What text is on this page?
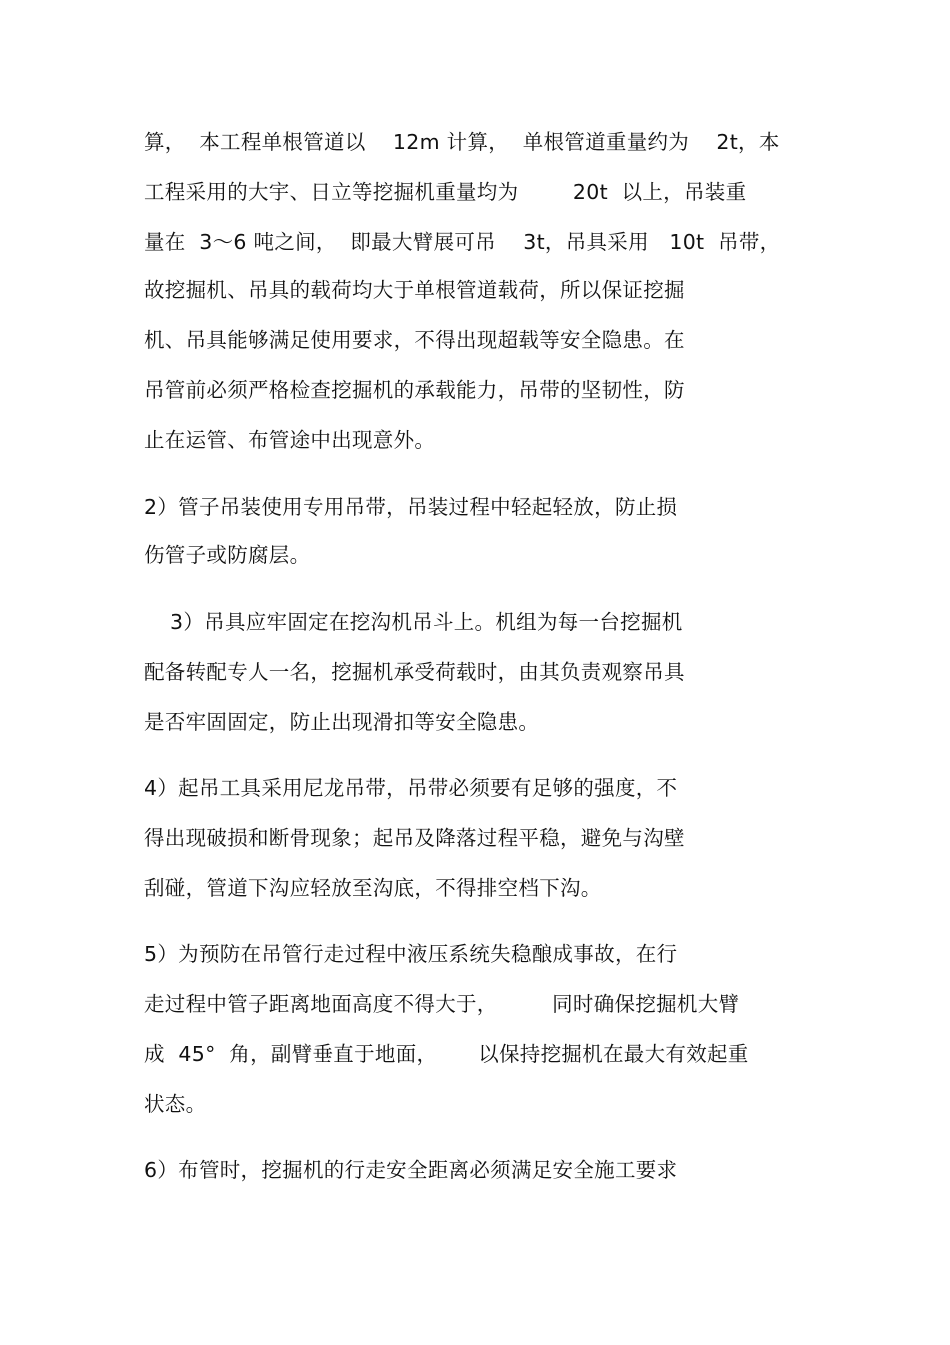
算，  本工程单根管道以    12m 计算，  单根管道重量约为    2t，本
工程采用的大宇、日立等挖掘机重量均为        20t  以上，吊装重
量在  3～6 吨之间，  即最大臂展可吊    3t，吊具采用   10t  吊带，
故挖掘机、吊具的载荷均大于单根管道载荷，所以保证挖掘
机、吊具能够满足使用要求，不得出现超载等安全隐患。在
吊管前必须严格检查挖掘机的承载能力，吊带的坚韧性，防
止在运管、布管途中出现意外。
2）管子吊装使用专用吊带，吊装过程中轻起轻放，防止损
伤管子或防腐层。
3）吊具应牢固定在挖沟机吊斗上。机组为每一台挖掘机
配备转配专人一名，挖掘机承受荷载时，由其负责观察吊具
是否牢固固定，防止出现滑扣等安全隐患。
4）起吊工具采用尼龙吊带，吊带必须要有足够的强度，不
得出现破损和断骨现象；起吊及降落过程平稳，避免与沟壁
刮碰，管道下沟应轻放至沟底，不得排空档下沟。
5）为预防在吊管行走过程中液压系统失稳酿成事故，在行
走过程中管子距离地面高度不得大于，        同时确保挖掘机大臂
成  45°  角，副臂垂直于地面，      以保持挖掘机在最大有效起重
状态。
6）布管时，挖掘机的行走安全距离必须满足安全施工要求
